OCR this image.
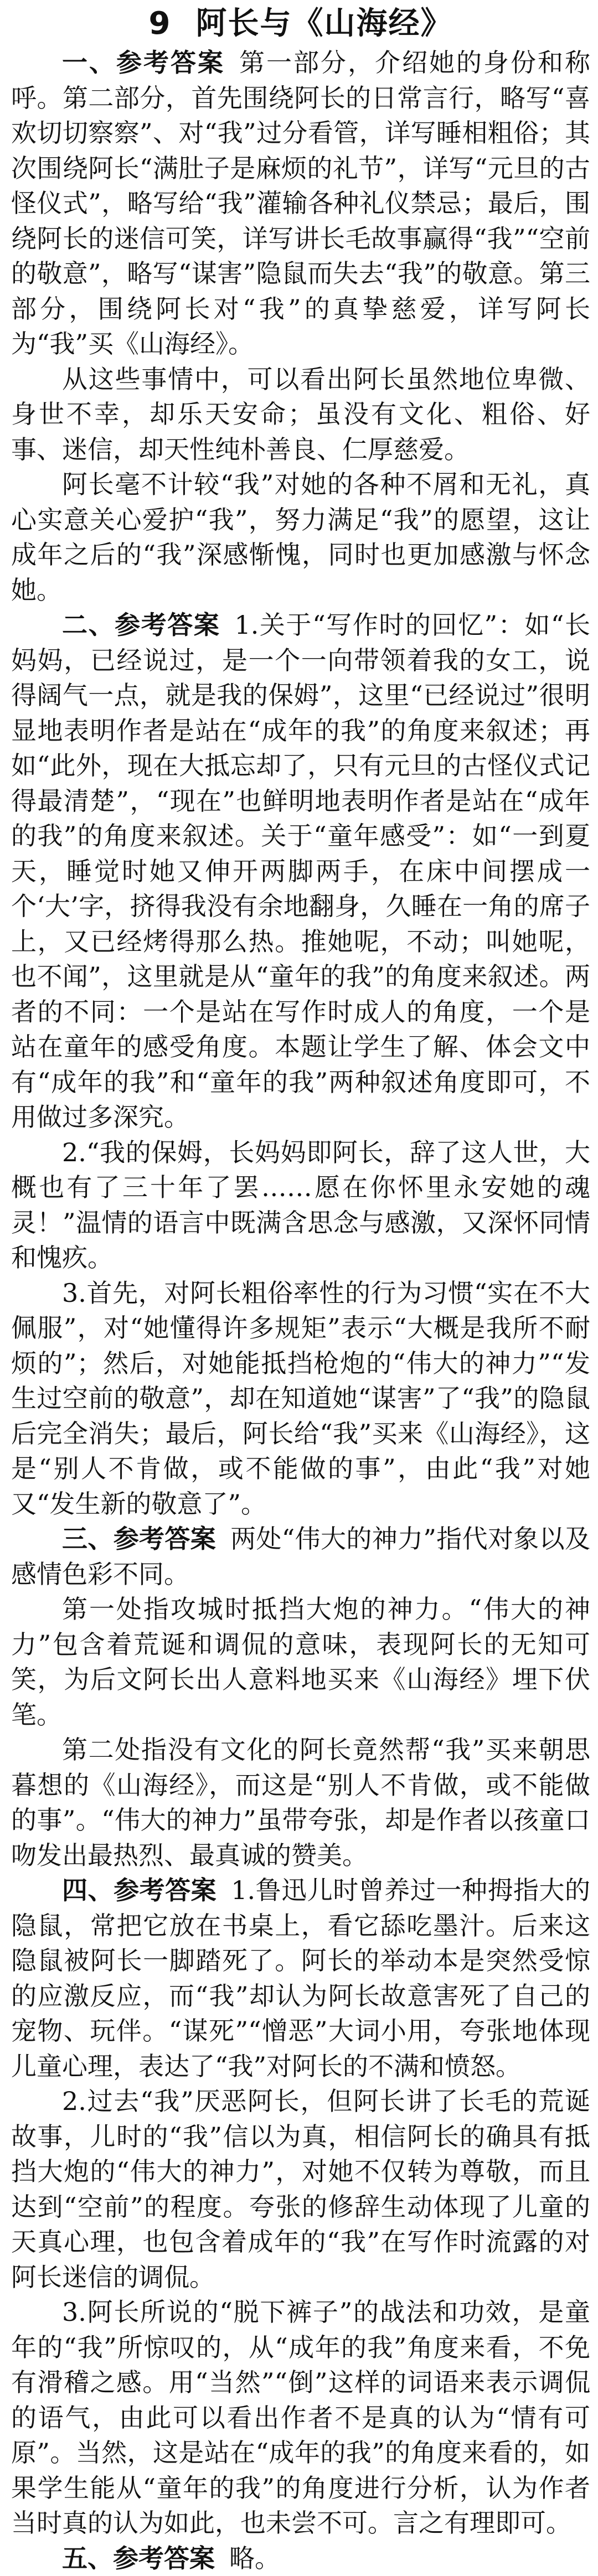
9 阿长与《山海经》

一、参考答案 第一部分，介绍她的身份和称呼。第二部分，首先围绕阿长的日常言行，略写“喜欢切切察察”、对“我”过分看管，详写睡相粗俗；其次围绕阿长“满肚子是麻烦的礼节”，详写“元旦的古怪仪式”，略写给“我”灌输各种礼仪禁忌；最后，围绕阿长的迷信可笑，详写讲长毛故事赢得“我”“空前的敬意”，略写“谋害”隐鼠而失去“我”的敬意。第三部分，围绕阿长对“我”的真挚慈爱，详写阿长为“我”买《山海经》。

从这些事情中，可以看出阿长虽然地位卑微、身世不幸，却乐天安命；虽没有文化、粗俗、好事、迷信，却天性纯朴善良、仁厚慈爱。

阿长毫不计较“我”对她的各种不屑和无礼，真心实意关心爱护“我”，努力满足“我”的愿望，这让成年之后的“我”深感惭愧，同时也更加感激与怀念她。

二、参考答案 1.关于“写作时的回忆”：如“长妈妈，已经说过，是一个一向带领着我的女工，说得阔气一点，就是我的保姆”，这里“已经说过”很明显地表明作者是站在“成年的我”的角度来叙述；再如“此外，现在大抵忘却了，只有元旦的古怪仪式记得最清楚”，“现在”也鲜明地表明作者是站在“成年的我”的角度来叙述。关于“童年感受”：如“一到夏天，睡觉时她又伸开两脚两手，在床中间摆成一个‘大’字，挤得我没有余地翻身，久睡在一角的席子上，又已经烤得那么热。推她呢，不动；叫她呢，也不闻”，这里就是从“童年的我”的角度来叙述。两者的不同：一个是站在写作时成人的角度，一个是站在童年的感受角度。本题让学生了解、体会文中有“成年的我”和“童年的我”两种叙述角度即可，不用做过多深究。

2.“我的保姆，长妈妈即阿长，辞了这人世，大概也有了三十年了罢……愿在你怀里永安她的魂灵！”温情的语言中既满含思念与感激，又深怀同情和愧疚。

3.首先，对阿长粗俗率性的行为习惯“实在不大佩服”，对“她懂得许多规矩”表示“大概是我所不耐烦的”；然后，对她能抵挡枪炮的“伟大的神力”“发生过空前的敬意”，却在知道她“谋害”了“我”的隐鼠后完全消失；最后，阿长给“我”买来《山海经》，这是“别人不肯做，或不能做的事”，由此“我”对她又“发生新的敬意了”。

三、参考答案 两处“伟大的神力”指代对象以及感情色彩不同。

第一处指攻城时抵挡大炮的神力。“伟大的神力”包含着荒诞和调侃的意味，表现阿长的无知可笑，为后文阿长出人意料地买来《山海经》埋下伏笔。

第二处指没有文化的阿长竟然帮“我”买来朝思暮想的《山海经》，而这是“别人不肯做，或不能做的事”。“伟大的神力”虽带夸张，却是作者以孩童口吻发出最热烈、最真诚的赞美。

四、参考答案 1.鲁迅儿时曾养过一种拇指大的隐鼠，常把它放在书桌上，看它舔吃墨汁。后来这隐鼠被阿长一脚踏死了。阿长的举动本是突然受惊的应激反应，而“我”却认为阿长故意害死了自己的宠物、玩伴。“谋死”“憎恶”大词小用，夸张地体现儿童心理，表达了“我”对阿长的不满和愤怒。

2.过去“我”厌恶阿长，但阿长讲了长毛的荒诞故事，儿时的“我”信以为真，相信阿长的确具有抵挡大炮的“伟大的神力”，对她不仅转为尊敬，而且达到“空前”的程度。夸张的修辞生动体现了儿童的天真心理，也包含着成年的“我”在写作时流露的对阿长迷信的调侃。

3.阿长所说的“脱下裤子”的战法和功效，是童年的“我”所惊叹的，从“成年的我”角度来看，不免有滑稽之感。用“当然”“倒”这样的词语来表示调侃的语气，由此可以看出作者不是真的认为“情有可原”。当然，这是站在“成年的我”的角度来看的，如果学生能从“童年的我”的角度进行分析，认为作者当时真的认为如此，也未尝不可。言之有理即可。

五、参考答案 略。
